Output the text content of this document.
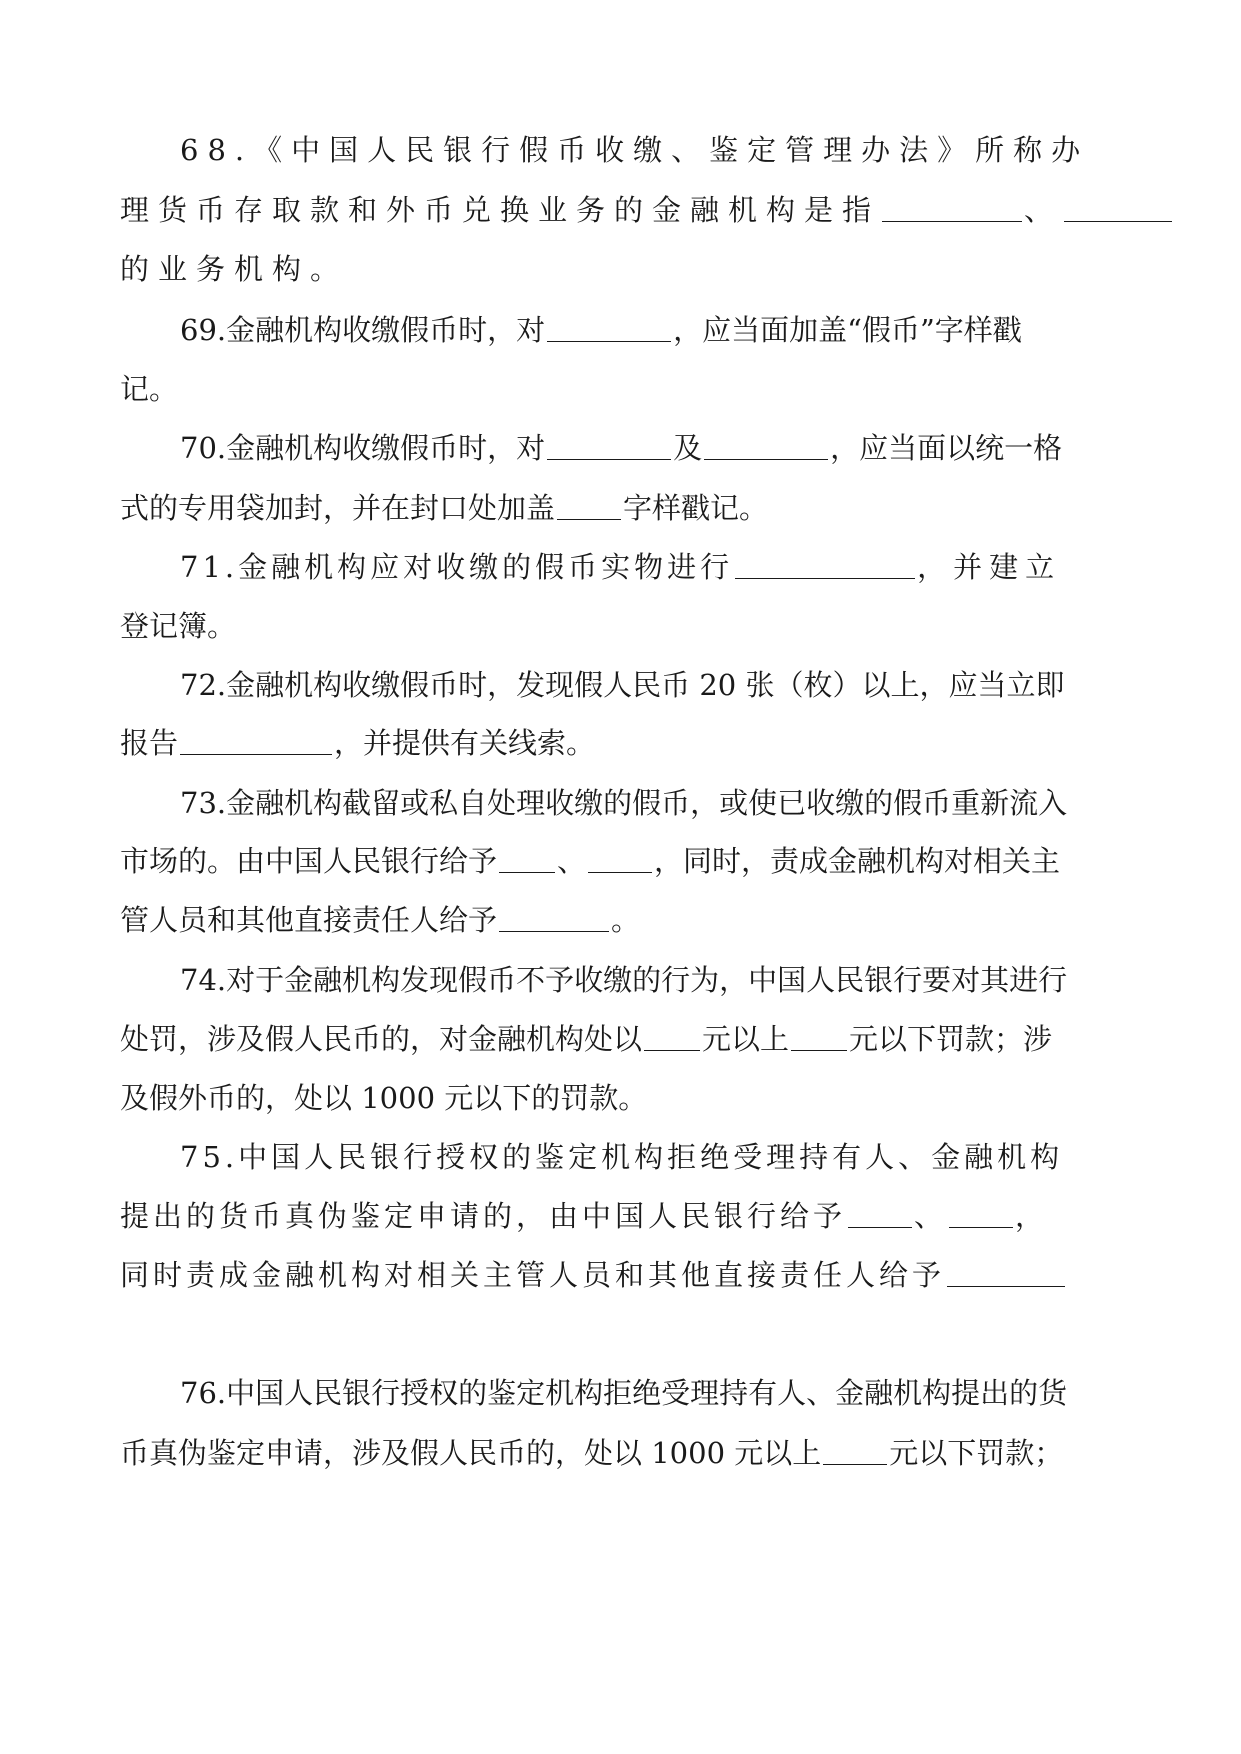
68.《中国人民银行假币收缴、鉴定管理办法》所称办
理货币存取款和外币兑换业务的金融机构是指	、
的业务机构。
69.金融机构收缴假币时，对	，应当面加盖“假币”字样戳
记。
70.金融机构收缴假币时，对	及	，应当面以统一格
式的专用袋加封，并在封口处加盖 字样戳记。
71.金融机构应对收缴的假币实物进行	，并建立
登记簿。
72.金融机构收缴假币时，发现假人民币 20 张（枚）以上，应当立即
报告	，并提供有关线索。
73.金融机构截留或私自处理收缴的假币，或使已收缴的假币重新流入
市场的。由中国人民银行给予 、 ，同时，责成金融机构对相关主
管人员和其他直接责任人给予	。
74.对于金融机构发现假币不予收缴的行为，中国人民银行要对其进行
处罚，涉及假人民币的，对金融机构处以 元以上 元以下罚款；涉
及假外币的，处以 1000 元以下的罚款。
75.中国人民银行授权的鉴定机构拒绝受理持有人、金融机构
提出的货币真伪鉴定申请的，由中国人民银行给予 、 ，
同时责成金融机构对相关主管人员和其他直接责任人给予
76.中国人民银行授权的鉴定机构拒绝受理持有人、金融机构提出的货
币真伪鉴定申请，涉及假人民币的，处以 1000 元以上 元以下罚款；
